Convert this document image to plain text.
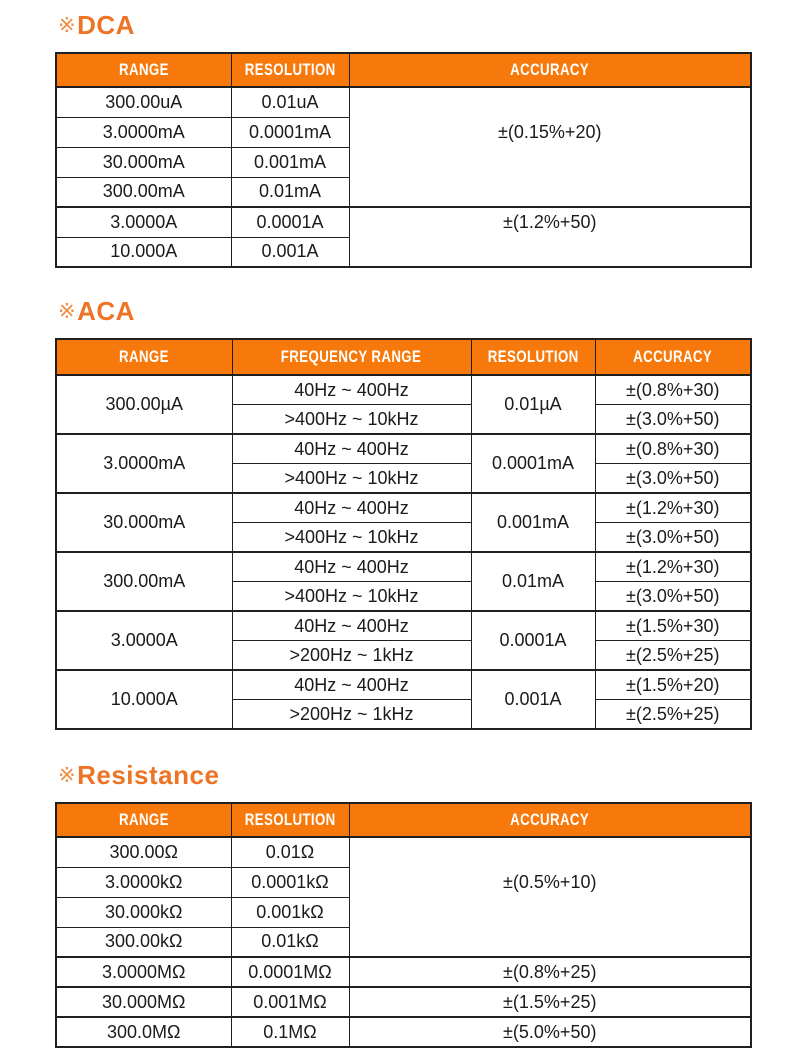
※DCA
RANGE	RESOLUTION	ACCURACY
300.00uA	0.01uA	±(0.15%+20)
3.0000mA	0.0001mA	
30.000mA	0.001mA	
300.00mA	0.01mA	
3.0000A	0.0001A	±(1.2%+50)
10.000A	0.001A	
※ACA
RANGE	FREQUENCY RANGE	RESOLUTION	ACCURACY
300.00µA	40Hz ~ 400Hz	0.01µA	±(0.8%+30)
	>400Hz ~ 10kHz		±(3.0%+50)
3.0000mA	40Hz ~ 400Hz	0.0001mA	±(0.8%+30)
	>400Hz ~ 10kHz		±(3.0%+50)
30.000mA	40Hz ~ 400Hz	0.001mA	±(1.2%+30)
	>400Hz ~ 10kHz		±(3.0%+50)
300.00mA	40Hz ~ 400Hz	0.01mA	±(1.2%+30)
	>400Hz ~ 10kHz		±(3.0%+50)
3.0000A	40Hz ~ 400Hz	0.0001A	±(1.5%+30)
	>200Hz ~ 1kHz		±(2.5%+25)
10.000A	40Hz ~ 400Hz	0.001A	±(1.5%+20)
	>200Hz ~ 1kHz		±(2.5%+25)
※Resistance
RANGE	RESOLUTION	ACCURACY
300.00Ω	0.01Ω	±(0.5%+10)
3.0000kΩ	0.0001kΩ	
30.000kΩ	0.001kΩ	
300.00kΩ	0.01kΩ	
3.0000MΩ	0.0001MΩ	±(0.8%+25)
30.000MΩ	0.001MΩ	±(1.5%+25)
300.0MΩ	0.1MΩ	±(5.0%+50)
